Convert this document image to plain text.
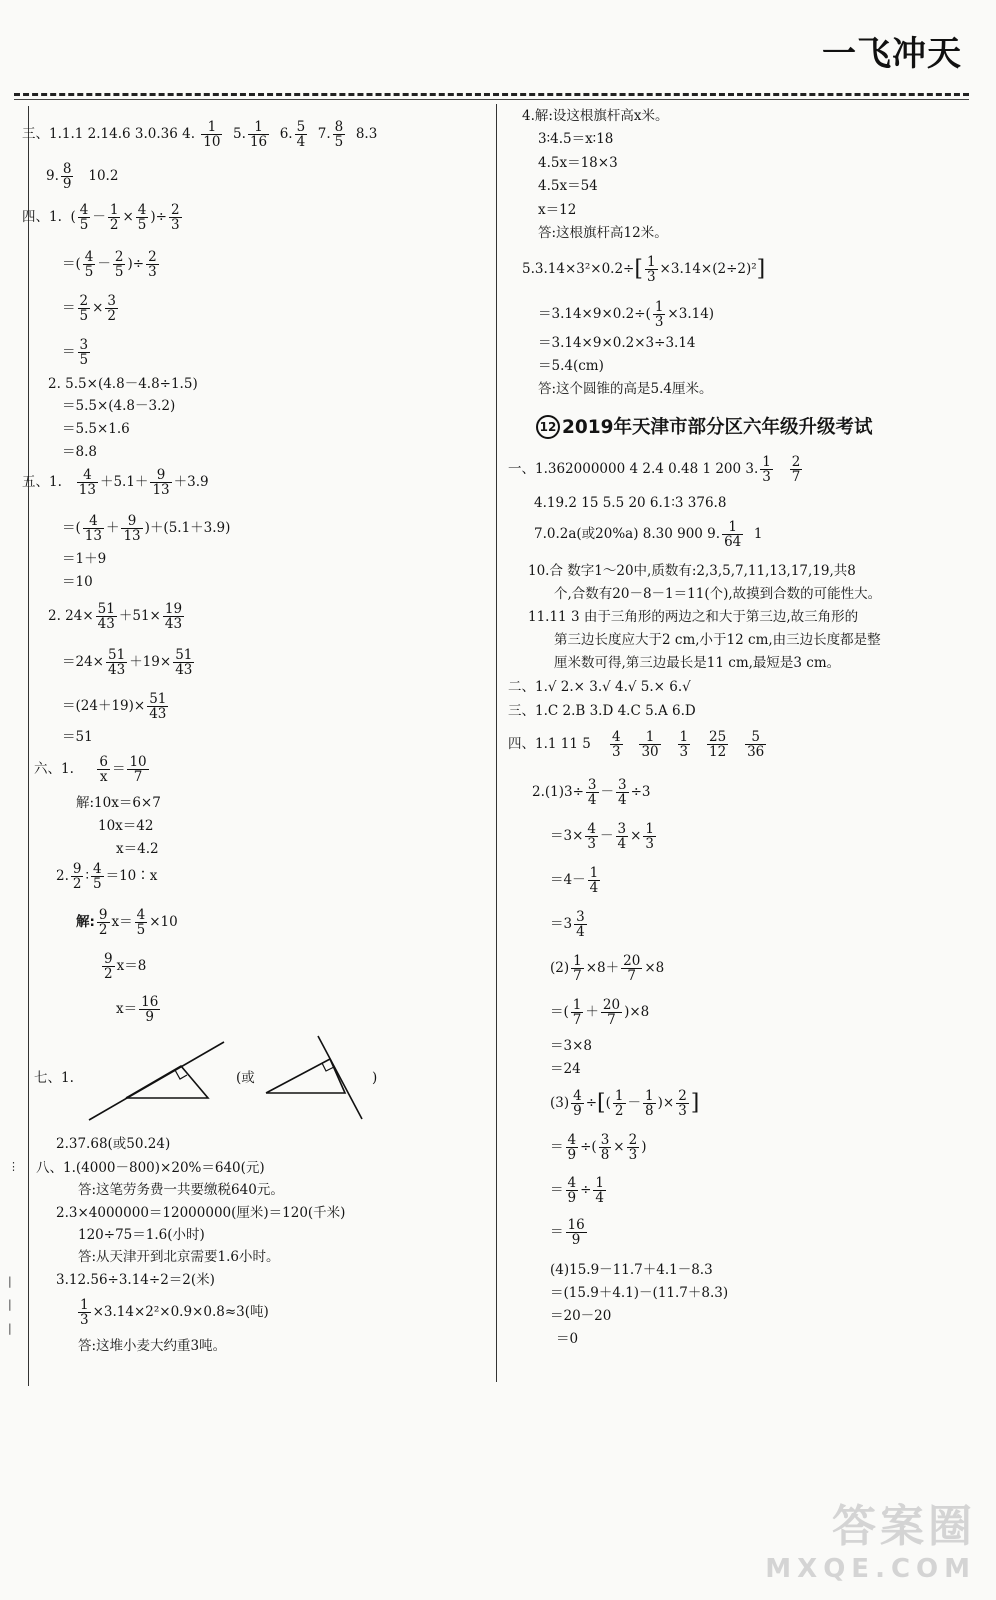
一飞冲天
⋮
|
|
|
三、1.1.1 2.14.6 3.0.36 4. $\frac{1}{10} 5$. $\frac{1}{16} 6$. $\frac{5}{4} 7$. $\frac{8}{5} 8.3$
9. $\frac{8}{9} 10.2$
四、1.  ( $\frac{4}{5} - \frac{1}{2} \times \frac{4}{5}$ )÷ $\frac{2}{3}$
＝( $\frac{4}{5} - \frac{2}{5}$ )÷ $\frac{2}{3}$
＝ $\frac{2}{5} \times \frac{3}{2}$
＝ $\frac{3}{5}$
2. 5.5×(4.8－4.8÷1.5)
＝5.5×(4.8－3.2)
＝5.5×1.6
＝8.8
五、1. $\frac{4}{13} +5.1+ \frac{9}{13} +3.9$
＝( $\frac{4}{13} + \frac{9}{13} )+(5.1+3.9)$
＝1＋9
＝10
2. $24\times \frac{51}{43} +51\times \frac{19}{43}$
$=24\times \frac{51}{43} +19\times \frac{51}{43}$
$=(24+19)\times \frac{51}{43}$
＝51
六、1. $\frac{6}{x} = \frac{10}{7}$
解:10x＝6×7
10x＝42
x＝4.2
2. $\frac{9}{2}$ ∶ $\frac{4}{5}$ ＝10∶x
解: $\frac{9}{2} x= \frac{4}{5} \times 10$
$\frac{9}{2} x=8$
$x= \frac{16}{9}$
七、1.	(或	)
2.37.68(或50.24)
八、1.(4000－800)×20%＝640(元)
答:这笔劳务费一共要缴税640元。
2.3×4000000＝12000000(厘米)＝120(千米)
120÷75＝1.6(小时)
答:从天津开到北京需要1.6小时。
3.12.56÷3.14÷2＝2(米)
$\frac{1}{3} \times 3.14\times 2^2\times 0.9\times 0.8\approx 3$(吨)
答:这堆小麦大约重3吨。
4.解:设这根旗杆高x米。
3∶4.5＝x∶18
4.5x＝18×3
4.5x＝54
x＝12
答:这根旗杆高12米。
$5.3.14\times 3^2\times 0.2\div[ \frac{1}{3} \times 3.14\times(2\div 2)^2]$
$=3.14\times 9\times 0.2\div( \frac{1}{3} \times 3.14)$
＝3.14×9×0.2×3÷3.14
＝5.4(cm)
答:这个圆锥的高是5.4厘米。
12 2019年天津市部分区六年级升级考试
一、1.362000000 4 2.4 0.48 1 200 3. $\frac{1}{3}$
$\frac{2}{7}$
4.19.2 15 5.5 20 6.1∶3 376.8
7.0.2a(或20%a) 8.30 900 9. $\frac{1}{64} 1$
10.合 数字1～20中,质数有:2,3,5,7,11,13,17,19,共8
个,合数有20－8－1＝11(个),故摸到合数的可能性大。
11.11 3 由于三角形的两边之和大于第三边,故三角形的
第三边长度应大于2 cm,小于12 cm,由三边长度都是整
厘米数可得,第三边最长是11 cm,最短是3 cm。
二、1.√ 2.× 3.√ 4.√ 5.× 6.√
三、1.C 2.B 3.D 4.C 5.A 6.D
四、1.1 11 $5 \frac{4}{3}$
$\frac{1}{30}$
$\frac{1}{3}$
$\frac{25}{12}$
$\frac{5}{36}$
$2.(1)3\div \frac{3}{4} - \frac{3}{4} \div 3$
$=3\times \frac{4}{3} - \frac{3}{4} \times \frac{1}{3}$
$=4- \frac{1}{4}$
$=3 \frac{3}{4}$
$(2) \frac{1}{7} \times 8+ \frac{20}{7} \times 8$
＝( $\frac{1}{7} + \frac{20}{7} )\times 8$
＝3×8
＝24
$(3) \frac{4}{9}$ ÷[( $\frac{1}{2} - \frac{1}{8}$ )× $\frac{2}{3}$ ]
＝ $\frac{4}{9}$ ÷( $\frac{3}{8} \times \frac{2}{3}$ )
＝ $\frac{4}{9} \div \frac{1}{4}$
＝ $\frac{16}{9}$
(4)15.9－11.7＋4.1－8.3
＝(15.9＋4.1)－(11.7＋8.3)
＝20－20
＝0
答案圈
MXQE.COM
